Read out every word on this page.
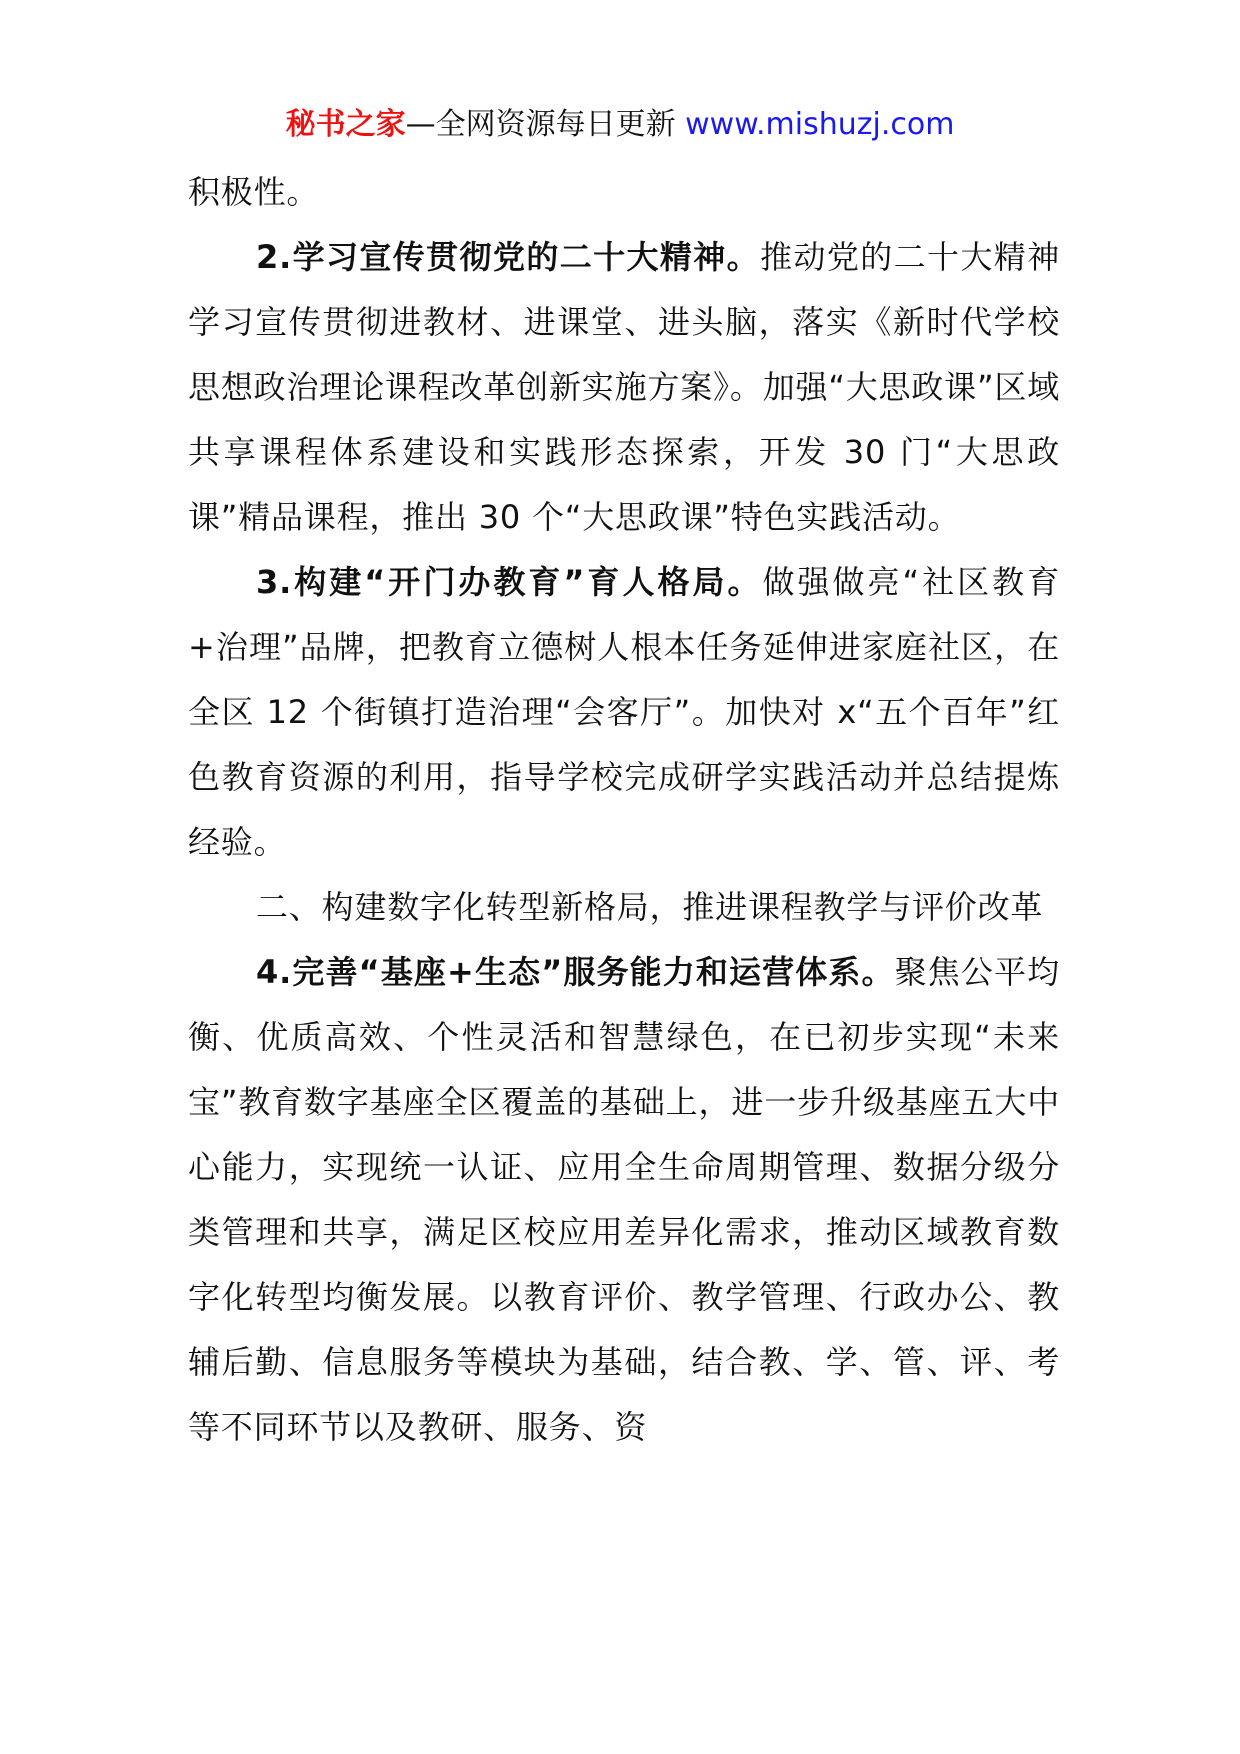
秘书之家—全网资源每日更新 www.mishuzj.com

积极性。

2.学习宣传贯彻党的二十大精神。推动党的二十大精神学习宣传贯彻进教材、进课堂、进头脑，落实《新时代学校思想政治理论课程改革创新实施方案》。加强“大思政课”区域共享课程体系建设和实践形态探索，开发 30 门“大思政课”精品课程，推出 30 个“大思政课”特色实践活动。

3.构建“开门办教育”育人格局。做强做亮“社区教育+治理”品牌，把教育立德树人根本任务延伸进家庭社区，在全区 12 个街镇打造治理“会客厅”。加快对 x“五个百年”红色教育资源的利用，指导学校完成研学实践活动并总结提炼经验。

二、构建数字化转型新格局，推进课程教学与评价改革

4.完善“基座+生态”服务能力和运营体系。聚焦公平均衡、优质高效、个性灵活和智慧绿色，在已初步实现“未来宝”教育数字基座全区覆盖的基础上，进一步升级基座五大中心能力，实现统一认证、应用全生命周期管理、数据分级分类管理和共享，满足区校应用差异化需求，推动区域教育数字化转型均衡发展。以教育评价、教学管理、行政办公、教辅后勤、信息服务等模块为基础，结合教、学、管、评、考等不同环节以及教研、服务、资
